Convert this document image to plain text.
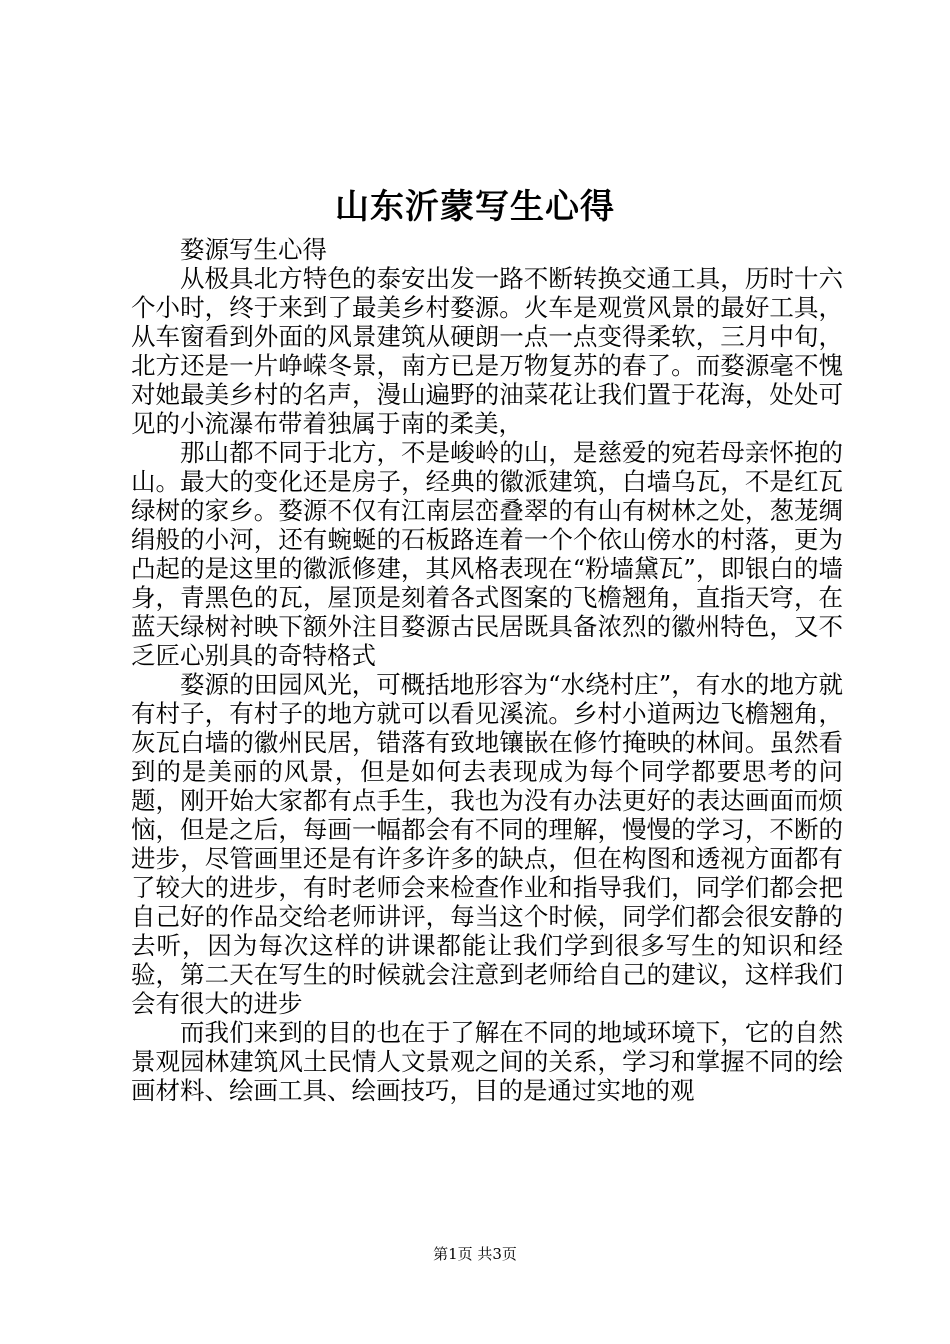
山东沂蒙写生心得

婺源写生心得

从极具北方特色的泰安出发一路不断转换交通工具，历时十六个小时，终于来到了最美乡村婺源。火车是观赏风景的最好工具，从车窗看到外面的风景建筑从硬朗一点一点变得柔软，三月中旬，北方还是一片峥嵘冬景，南方已是万物复苏的春了。而婺源毫不愧对她最美乡村的名声，漫山遍野的油菜花让我们置于花海，处处可见的小流瀑布带着独属于南的柔美，

那山都不同于北方，不是峻岭的山，是慈爱的宛若母亲怀抱的山。最大的变化还是房子，经典的徽派建筑，白墙乌瓦，不是红瓦绿树的家乡。婺源不仅有江南层峦叠翠的有山有树林之处，葱茏绸绢般的小河，还有蜿蜒的石板路连着一个个依山傍水的村落，更为凸起的是这里的徽派修建，其风格表现在“粉墙黛瓦”，即银白的墙身，青黑色的瓦，屋顶是刻着各式图案的飞檐翘角，直指天穹，在蓝天绿树衬映下额外注目婺源古民居既具备浓烈的徽州特色，又不乏匠心别具的奇特格式

婺源的田园风光，可概括地形容为“水绕村庄”，有水的地方就有村子，有村子的地方就可以看见溪流。乡村小道两边飞檐翘角，灰瓦白墙的徽州民居，错落有致地镶嵌在修竹掩映的林间。虽然看到的是美丽的风景，但是如何去表现成为每个同学都要思考的问题，刚开始大家都有点手生，我也为没有办法更好的表达画面而烦恼，但是之后，每画一幅都会有不同的理解，慢慢的学习，不断的进步，尽管画里还是有许多许多的缺点，但在构图和透视方面都有了较大的进步，有时老师会来检查作业和指导我们，同学们都会把自己好的作品交给老师讲评，每当这个时候，同学们都会很安静的去听，因为每次这样的讲课都能让我们学到很多写生的知识和经验，第二天在写生的时候就会注意到老师给自己的建议，这样我们会有很大的进步

而我们来到的目的也在于了解在不同的地域环境下，它的自然景观园林建筑风土民情人文景观之间的关系，学习和掌握不同的绘画材料、绘画工具、绘画技巧，目的是通过实地的观

第1页 共3页
